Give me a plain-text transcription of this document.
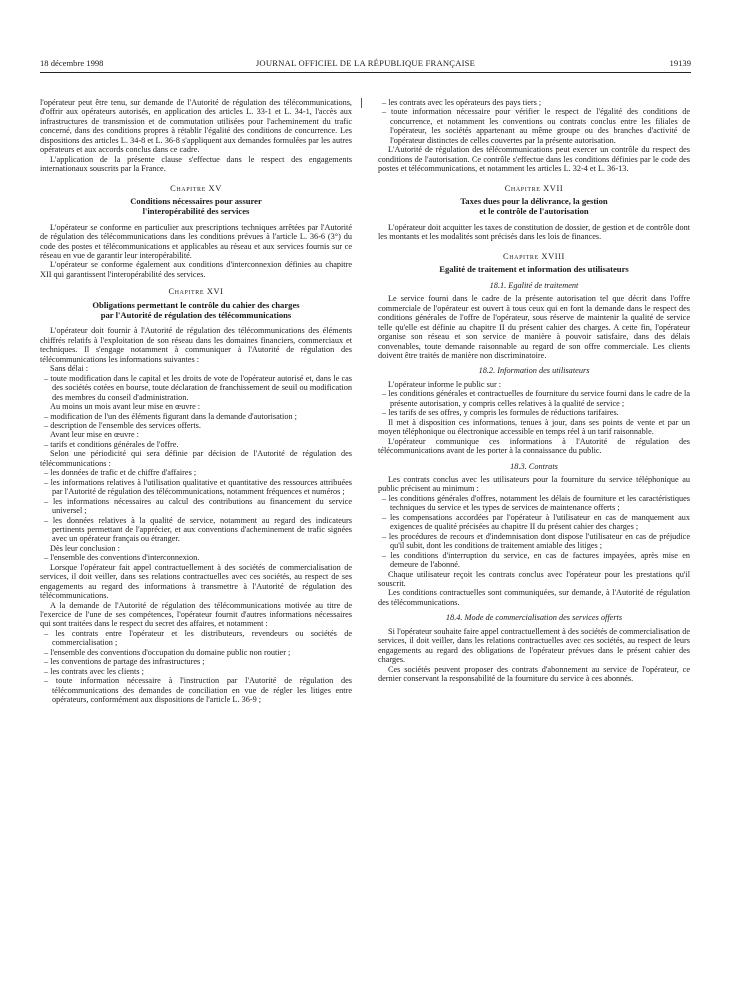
18 décembre 1998	JOURNAL OFFICIEL DE LA RÉPUBLIQUE FRANÇAISE	19139

l'opérateur peut être tenu, sur demande de l'Autorité de régulation des télécommunications, d'offrir aux opérateurs autorisés, en application des articles L. 33-1 et L. 34-1, l'accès aux infrastructures de transmission et de commutation utilisées pour l'acheminement du trafic concerné, dans des conditions propres à rétablir l'égalité des conditions de concurrence. Les dispositions des articles L. 34-8 et L. 36-8 s'appliquent aux demandes formulées par les autres opérateurs et aux accords conclus dans ce cadre.

L'application de la présente clause s'effectue dans le respect des engagements internationaux souscrits par la France.

Chapitre XV

Conditions nécessaires pour assurer

l'interopérabilité des services

L'opérateur se conforme en particulier aux prescriptions techniques arrêtées par l'Autorité de régulation des télécommunications dans les conditions prévues à l'article L. 36-6 (3°) du code des postes et télécommunications et applicables au réseau et aux services fournis sur ce réseau en vue de garantir leur interopérabilité.

L'opérateur se conforme également aux conditions d'interconnexion définies au chapitre XII qui garantissent l'interopérabilité des services.

Chapitre XVI

Obligations permettant le contrôle du cahier des charges

par l'Autorité de régulation des télécommunications

L'opérateur doit fournir à l'Autorité de régulation des télécommunications des éléments chiffrés relatifs à l'exploitation de son réseau dans les domaines financiers, commerciaux et techniques. Il s'engage notamment à communiquer à l'Autorité de régulation des télécommunications les informations suivantes :

Sans délai :

– toute modification dans le capital et les droits de vote de l'opérateur autorisé et, dans le cas des sociétés cotées en bourse, toute déclaration de franchissement de seuil ou modification des membres du conseil d'administration.

Au moins un mois avant leur mise en œuvre :

– modification de l'un des éléments figurant dans la demande d'autorisation ;

– description de l'ensemble des services offerts.

Avant leur mise en œuvre :

– tarifs et conditions générales de l'offre.

Selon une périodicité qui sera définie par décision de l'Autorité de régulation des télécommunications :

– les données de trafic et de chiffre d'affaires ;

– les informations relatives à l'utilisation qualitative et quantitative des ressources attribuées par l'Autorité de régulation des télécommunications, notamment fréquences et numéros ;

– les informations nécessaires au calcul des contributions au financement du service universel ;

– les données relatives à la qualité de service, notamment au regard des indicateurs pertinents permettant de l'apprécier, et aux conventions d'acheminement de trafic signées avec un opérateur français ou étranger.

Dès leur conclusion :

– l'ensemble des conventions d'interconnexion.

Lorsque l'opérateur fait appel contractuellement à des sociétés de commercialisation de services, il doit veiller, dans ses relations contractuelles avec ces sociétés, au respect de ses engagements au regard des informations à transmettre à l'Autorité de régulation des télécommunications.

A la demande de l'Autorité de régulation des télécommunications motivée au titre de l'exercice de l'une de ses compétences, l'opérateur fournit d'autres informations nécessaires qui sont traitées dans le respect du secret des affaires, et notamment :

– les contrats entre l'opérateur et les distributeurs, revendeurs ou sociétés de commercialisation ;

– l'ensemble des conventions d'occupation du domaine public non routier ;

– les conventions de partage des infrastructures ;

– les contrats avec les clients ;

– toute information nécessaire à l'instruction par l'Autorité de régulation des télécommunications des demandes de conciliation en vue de régler les litiges entre opérateurs, conformément aux dispositions de l'article L. 36-9 ;

– les contrats avec les opérateurs des pays tiers ;

– toute information nécessaire pour vérifier le respect de l'égalité des conditions de concurrence, et notamment les conventions ou contrats conclus entre les filiales de l'opérateur, les sociétés appartenant au même groupe ou des branches d'activité de l'opérateur distinctes de celles couvertes par la présente autorisation.

L'Autorité de régulation des télécommunications peut exercer un contrôle du respect des conditions de l'autorisation. Ce contrôle s'effectue dans les conditions définies par le code des postes et télécommunications, et notamment les articles L. 32-4 et L. 36-13.

Chapitre XVII

Taxes dues pour la délivrance, la gestion

et le contrôle de l'autorisation

L'opérateur doit acquitter les taxes de constitution de dossier, de gestion et de contrôle dont les montants et les modalités sont précisés dans les lois de finances.

Chapitre XVIII

Egalité de traitement et information des utilisateurs

18.1. Egalité de traitement

Le service fourni dans le cadre de la présente autorisation tel que décrit dans l'offre commerciale de l'opérateur est ouvert à tous ceux qui en font la demande dans le respect des conditions générales de l'offre de l'opérateur, sous réserve de maintenir la qualité de service telle qu'elle est définie au chapitre II du présent cahier des charges. A cette fin, l'opérateur organise son réseau et son service de manière à pouvoir satisfaire, dans des délais convenables, toute demande raisonnable au regard de son offre commerciale. Les clients doivent être traités de manière non discriminatoire.

18.2. Information des utilisateurs

L'opérateur informe le public sur :

– les conditions générales et contractuelles de fourniture du service fourni dans le cadre de la présente autorisation, y compris celles relatives à la qualité de service ;

– les tarifs de ses offres, y compris les formules de réductions tarifaires.

Il met à disposition ces informations, tenues à jour, dans ses points de vente et par un moyen téléphonique ou électronique accessible en temps réel à un tarif raisonnable.

L'opérateur communique ces informations à l'Autorité de régulation des télécommunications avant de les porter à la connaissance du public.

18.3. Contrats

Les contrats conclus avec les utilisateurs pour la fourniture du service téléphonique au public précisent au minimum :

– les conditions générales d'offres, notamment les délais de fourniture et les caractéristiques techniques du service et les types de services de maintenance offerts ;

– les compensations accordées par l'opérateur à l'utilisateur en cas de manquement aux exigences de qualité précisées au chapitre II du présent cahier des charges ;

– les procédures de recours et d'indemnisation dont dispose l'utilisateur en cas de préjudice qu'il subit, dont les conditions de traitement amiable des litiges ;

– les conditions d'interruption du service, en cas de factures impayées, après mise en demeure de l'abonné.

Chaque utilisateur reçoit les contrats conclus avec l'opérateur pour les prestations qu'il souscrit.

Les conditions contractuelles sont communiquées, sur demande, à l'Autorité de régulation des télécommunications.

18.4. Mode de commercialisation des services offerts

Si l'opérateur souhaite faire appel contractuellement à des sociétés de commercialisation de services, il doit veiller, dans les relations contractuelles avec ces sociétés, au respect de leurs engagements au regard des obligations de l'opérateur prévues dans le présent cahier des charges.

Ces sociétés peuvent proposer des contrats d'abonnement au service de l'opérateur, ce dernier conservant la responsabilité de la fourniture du service à ces abonnés.
